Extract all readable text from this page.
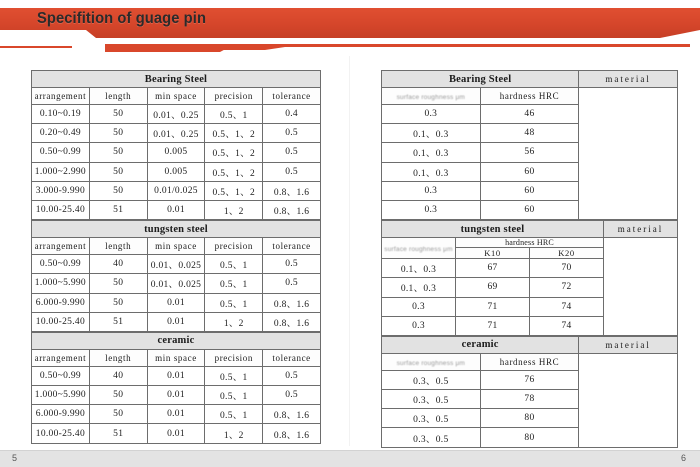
Specifition of guage pin
Bearing Steel				
arrangement	length	min space	precision	tolerance
0.10~0.19	50	0.01、0.25	0.5、1	0.4
0.20~0.49	50	0.01、0.25	0.5、1、2	0.5
0.50~0.99	50	0.005	0.5、1、2	0.5
1.000~2.990	50	0.005	0.5、1、2	0.5
3.000-9.990	50	0.01/0.025	0.5、1、2	0.8、1.6
10.00-25.40	51	0.01	1、2	0.8、1.6
tungsten steel				
arrangement	length	min space	precision	tolerance
0.50~0.99	40	0.01、0.025	0.5、1	0.5
1.000~5.990	50	0.01、0.025	0.5、1	0.5
6.000-9.990	50	0.01	0.5、1	0.8、1.6
10.00-25.40	51	0.01	1、2	0.8、1.6
ceramic				
arrangement	length	min space	precision	tolerance
0.50~0.99	40	0.01	0.5、1	0.5
1.000~5.990	50	0.01	0.5、1	0.5
6.000-9.990	50	0.01	0.5、1	0.8、1.6
10.00-25.40	51	0.01	1、2	0.8、1.6
Bearing Steel		material
surface roughness μm	hardness HRC	

0.3	46	
0.1、0.3	48	
0.1、0.3	56	
0.1、0.3	60	
0.3	60	
0.3	60	
tungsten steel			material
surface roughness μm	hardness HRC	

	K10	K20	
0.1、0.3	67	70	
0.1、0.3	69	72	
0.3	71	74	
0.3	71	74	
ceramic		material
surface roughness μm	hardness HRC	

0.3、0.5	76	
0.3、0.5	78	
0.3、0.5	80	
0.3、0.5	80	
5	6
